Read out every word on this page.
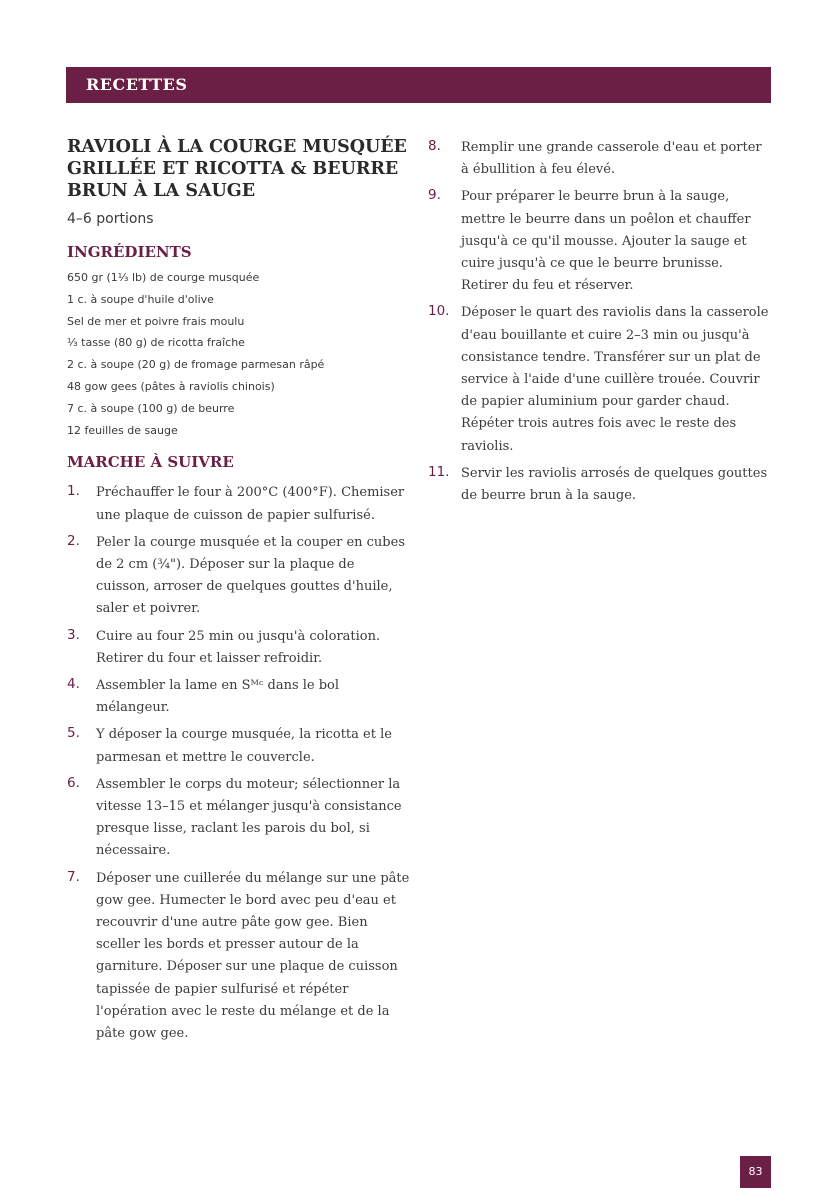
RECETTES
RAVIOLI À LA COURGE MUSQUÉE
GRILLÉE ET RICOTTA & BEURRE
BRUN À LA SAUGE
4–6 portions
INGRÉDIENTS
650 gr (1⅓ lb) de courge musquée
1 c. à soupe d'huile d'olive
Sel de mer et poivre frais moulu
⅓ tasse (80 g) de ricotta fraîche
2 c. à soupe (20 g) de fromage parmesan râpé
48 gow gees (pâtes à raviolis chinois)
7 c. à soupe (100 g) de beurre
12 feuilles de sauge
MARCHE À SUIVRE
1. Préchauffer le four à 200°C (400°F). Chemiser une plaque de cuisson de papier sulfurisé.
2. Peler la courge musquée et la couper en cubes de 2 cm (¾"). Déposer sur la plaque de cuisson, arroser de quelques gouttes d'huile, saler et poivrer.
3. Cuire au four 25 min ou jusqu'à coloration. Retirer du four et laisser refroidir.
4. Assembler la lame en Sᴹᶜ dans le bol mélangeur.
5. Y déposer la courge musquée, la ricotta et le parmesan et mettre le couvercle.
6. Assembler le corps du moteur; sélectionner la vitesse 13–15 et mélanger jusqu'à consistance presque lisse, raclant les parois du bol, si nécessaire.
7. Déposer une cuillerée du mélange sur une pâte gow gee. Humecter le bord avec peu d'eau et recouvrir d'une autre pâte gow gee. Bien sceller les bords et presser autour de la garniture. Déposer sur une plaque de cuisson tapissée de papier sulfurisé et répéter l'opération avec le reste du mélange et de la pâte gow gee.
8. Remplir une grande casserole d'eau et porter à ébullition à feu élevé.
9. Pour préparer le beurre brun à la sauge, mettre le beurre dans un poêlon et chauffer jusqu'à ce qu'il mousse. Ajouter la sauge et cuire jusqu'à ce que le beurre brunisse. Retirer du feu et réserver.
10. Déposer le quart des raviolis dans la casserole d'eau bouillante et cuire 2–3 min ou jusqu'à consistance tendre. Transférer sur un plat de service à l'aide d'une cuillère trouée. Couvrir de papier aluminium pour garder chaud. Répéter trois autres fois avec le reste des raviolis.
11. Servir les raviolis arrosés de quelques gouttes de beurre brun à la sauge.
83
